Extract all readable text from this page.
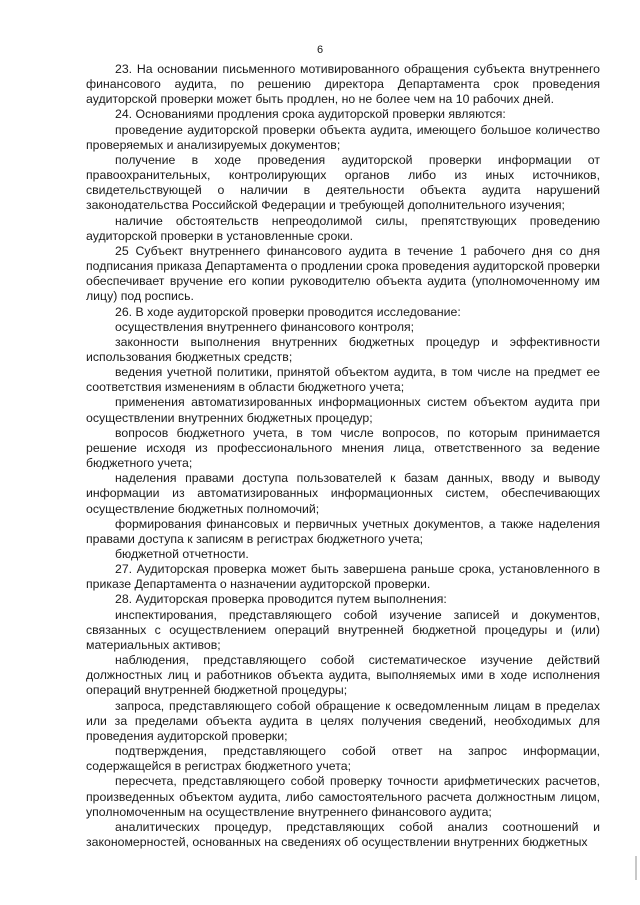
6

23. На основании письменного мотивированного обращения субъекта внутреннего финансового аудита, по решению директора Департамента срок проведения аудиторской проверки может быть продлен, но не более чем на 10 рабочих дней.

24. Основаниями продления срока аудиторской проверки являются:

проведение аудиторской проверки объекта аудита, имеющего большое количество проверяемых и анализируемых документов;

получение в ходе проведения аудиторской проверки информации от правоохранительных, контролирующих органов либо из иных источников, свидетельствующей о наличии в деятельности объекта аудита нарушений законодательства Российской Федерации и требующей дополнительного изучения;

наличие обстоятельств непреодолимой силы, препятствующих проведению аудиторской проверки в установленные сроки.

25 Субъект внутреннего финансового аудита в течение 1 рабочего дня со дня подписания приказа Департамента о продлении срока проведения аудиторской проверки обеспечивает вручение его копии руководителю объекта аудита (уполномоченному им лицу) под роспись.

26. В ходе аудиторской проверки проводится исследование:

осуществления внутреннего финансового контроля;

законности выполнения внутренних бюджетных процедур и эффективности использования бюджетных средств;

ведения учетной политики, принятой объектом аудита, в том числе на предмет ее соответствия изменениям в области бюджетного учета;

применения автоматизированных информационных систем объектом аудита при осуществлении внутренних бюджетных процедур;

вопросов бюджетного учета, в том числе вопросов, по которым принимается решение исходя из профессионального мнения лица, ответственного за ведение бюджетного учета;

наделения правами доступа пользователей к базам данных, вводу и выводу информации из автоматизированных информационных систем, обеспечивающих осуществление бюджетных полномочий;

формирования финансовых и первичных учетных документов, а также наделения правами доступа к записям в регистрах бюджетного учета;

бюджетной отчетности.

27. Аудиторская проверка может быть завершена раньше срока, установленного в приказе Департамента о назначении аудиторской проверки.

28. Аудиторская проверка проводится путем выполнения:

инспектирования, представляющего собой изучение записей и документов, связанных с осуществлением операций внутренней бюджетной процедуры и (или) материальных активов;

наблюдения, представляющего собой систематическое изучение действий должностных лиц и работников объекта аудита, выполняемых ими в ходе исполнения операций внутренней бюджетной процедуры;

запроса, представляющего собой обращение к осведомленным лицам в пределах или за пределами объекта аудита в целях получения сведений, необходимых для проведения аудиторской проверки;

подтверждения, представляющего собой ответ на запрос информации, содержащейся в регистрах бюджетного учета;

пересчета, представляющего собой проверку точности арифметических расчетов, произведенных объектом аудита, либо самостоятельного расчета должностным лицом, уполномоченным на осуществление внутреннего финансового аудита;

аналитических процедур, представляющих собой анализ соотношений и закономерностей, основанных на сведениях об осуществлении внутренних бюджетных
